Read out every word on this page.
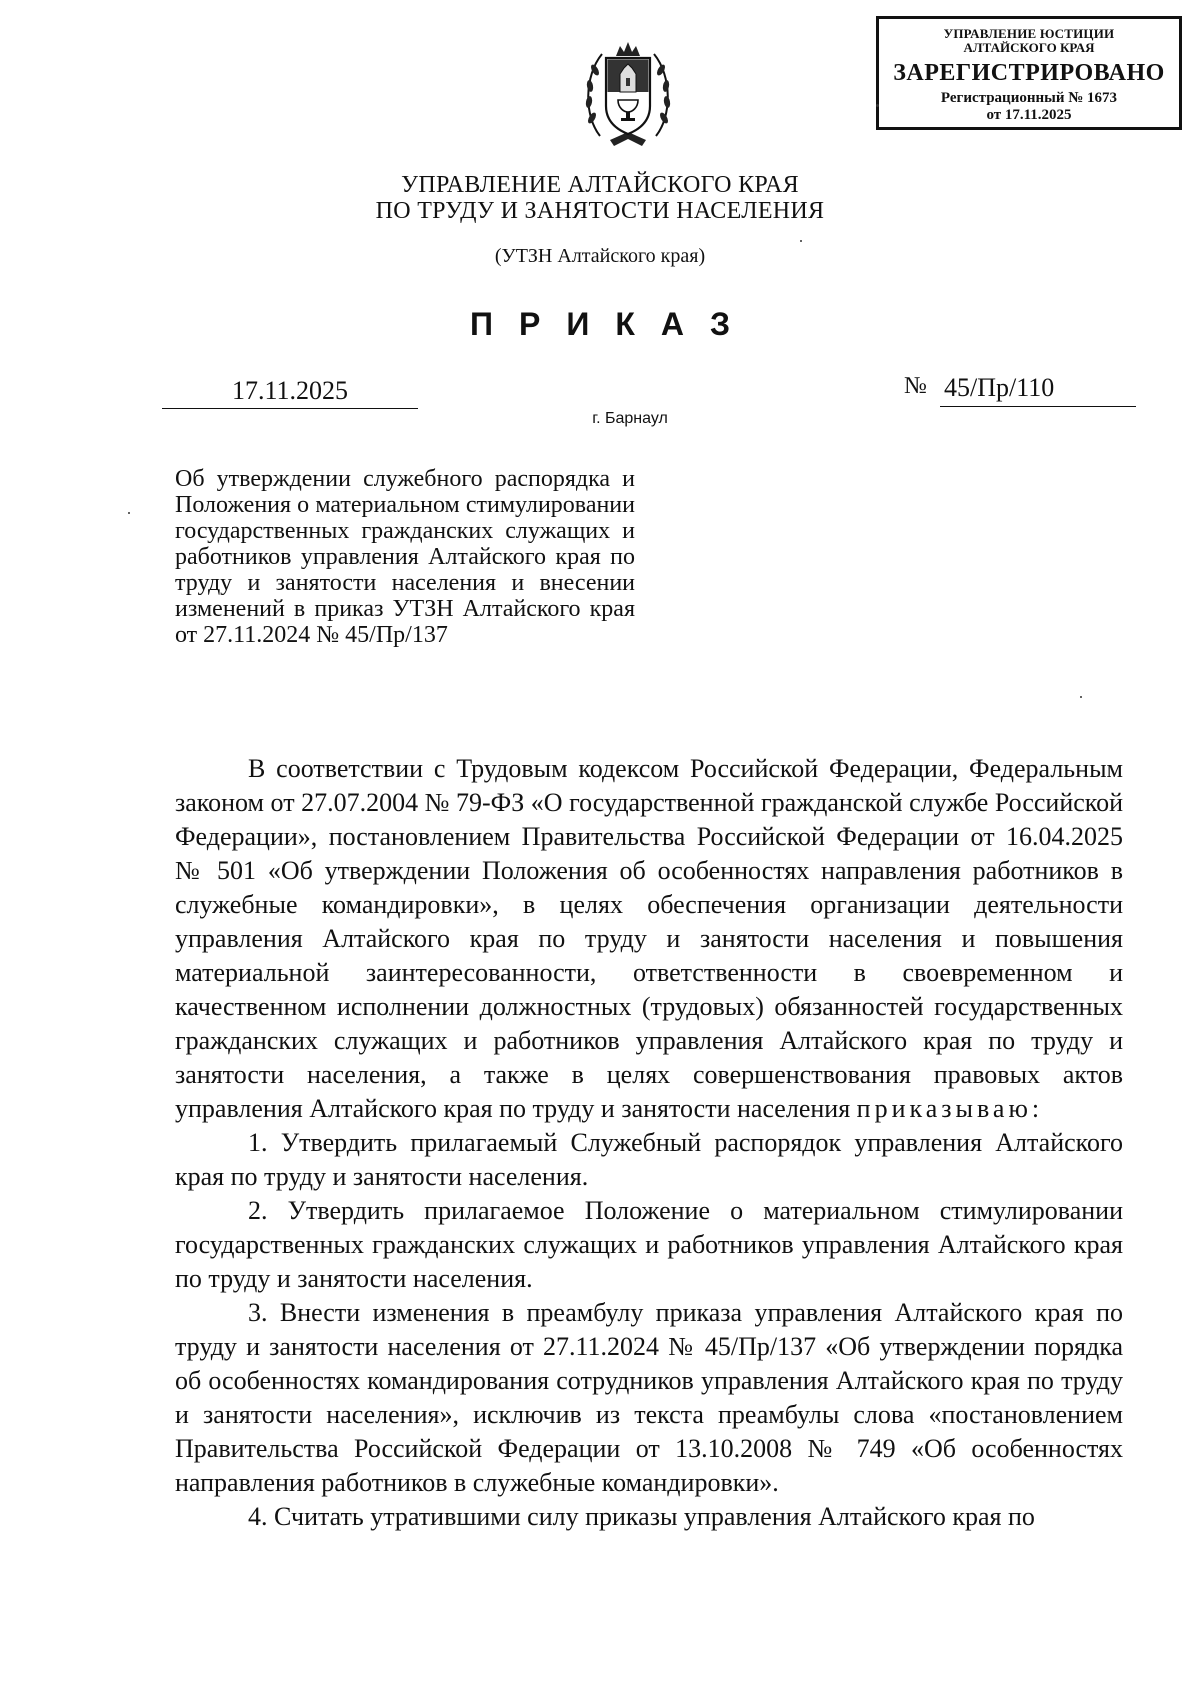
УПРАВЛЕНИЕ ЮСТИЦИИ
АЛТАЙСКОГО КРАЯ
ЗАРЕГИСТРИРОВАНО
Регистрационный № 1673
от 17.11.2025
УПРАВЛЕНИЕ АЛТАЙСКОГО КРАЯ
ПО ТРУДУ И ЗАНЯТОСТИ НАСЕЛЕНИЯ
(УТЗН Алтайского края)
ПРИКАЗ
17.11.2025	№ 45/Пр/110
г. Барнаул
Об утверждении служебного распорядка и Положения о материальном стимулировании государственных гражданских служащих и работников управления Алтайского края по труду и занятости населения и внесении изменений в приказ УТЗН Алтайского края от 27.11.2024 № 45/Пр/137

В соответствии с Трудовым кодексом Российской Федерации, Федеральным законом от 27.07.2004 № 79-ФЗ «О государственной гражданской службе Российской Федерации», постановлением Правительства Российской Федерации от 16.04.2025 № 501 «Об утверждении Положения об особенностях направления работников в служебные командировки», в целях обеспечения организации деятельности управления Алтайского края по труду и занятости населения и повышения материальной заинтересованности, ответственности в своевременном и качественном исполнении должностных (трудовых) обязанностей государственных гражданских служащих и работников управления Алтайского края по труду и занятости населения, а также в целях совершенствования правовых актов управления Алтайского края по труду и занятости населения приказываю:

1. Утвердить прилагаемый Служебный распорядок управления Алтайского края по труду и занятости населения.

2. Утвердить прилагаемое Положение о материальном стимулировании государственных гражданских служащих и работников управления Алтайского края по труду и занятости населения.

3. Внести изменения в преамбулу приказа управления Алтайского края по труду и занятости населения от 27.11.2024 № 45/Пр/137 «Об утверждении порядка об особенностях командирования сотрудников управления Алтайского края по труду и занятости населения», исключив из текста преамбулы слова «постановлением Правительства Российской Федерации от 13.10.2008 № 749 «Об особенностях направления работников в служебные командировки».

4. Считать утратившими силу приказы управления Алтайского края по
